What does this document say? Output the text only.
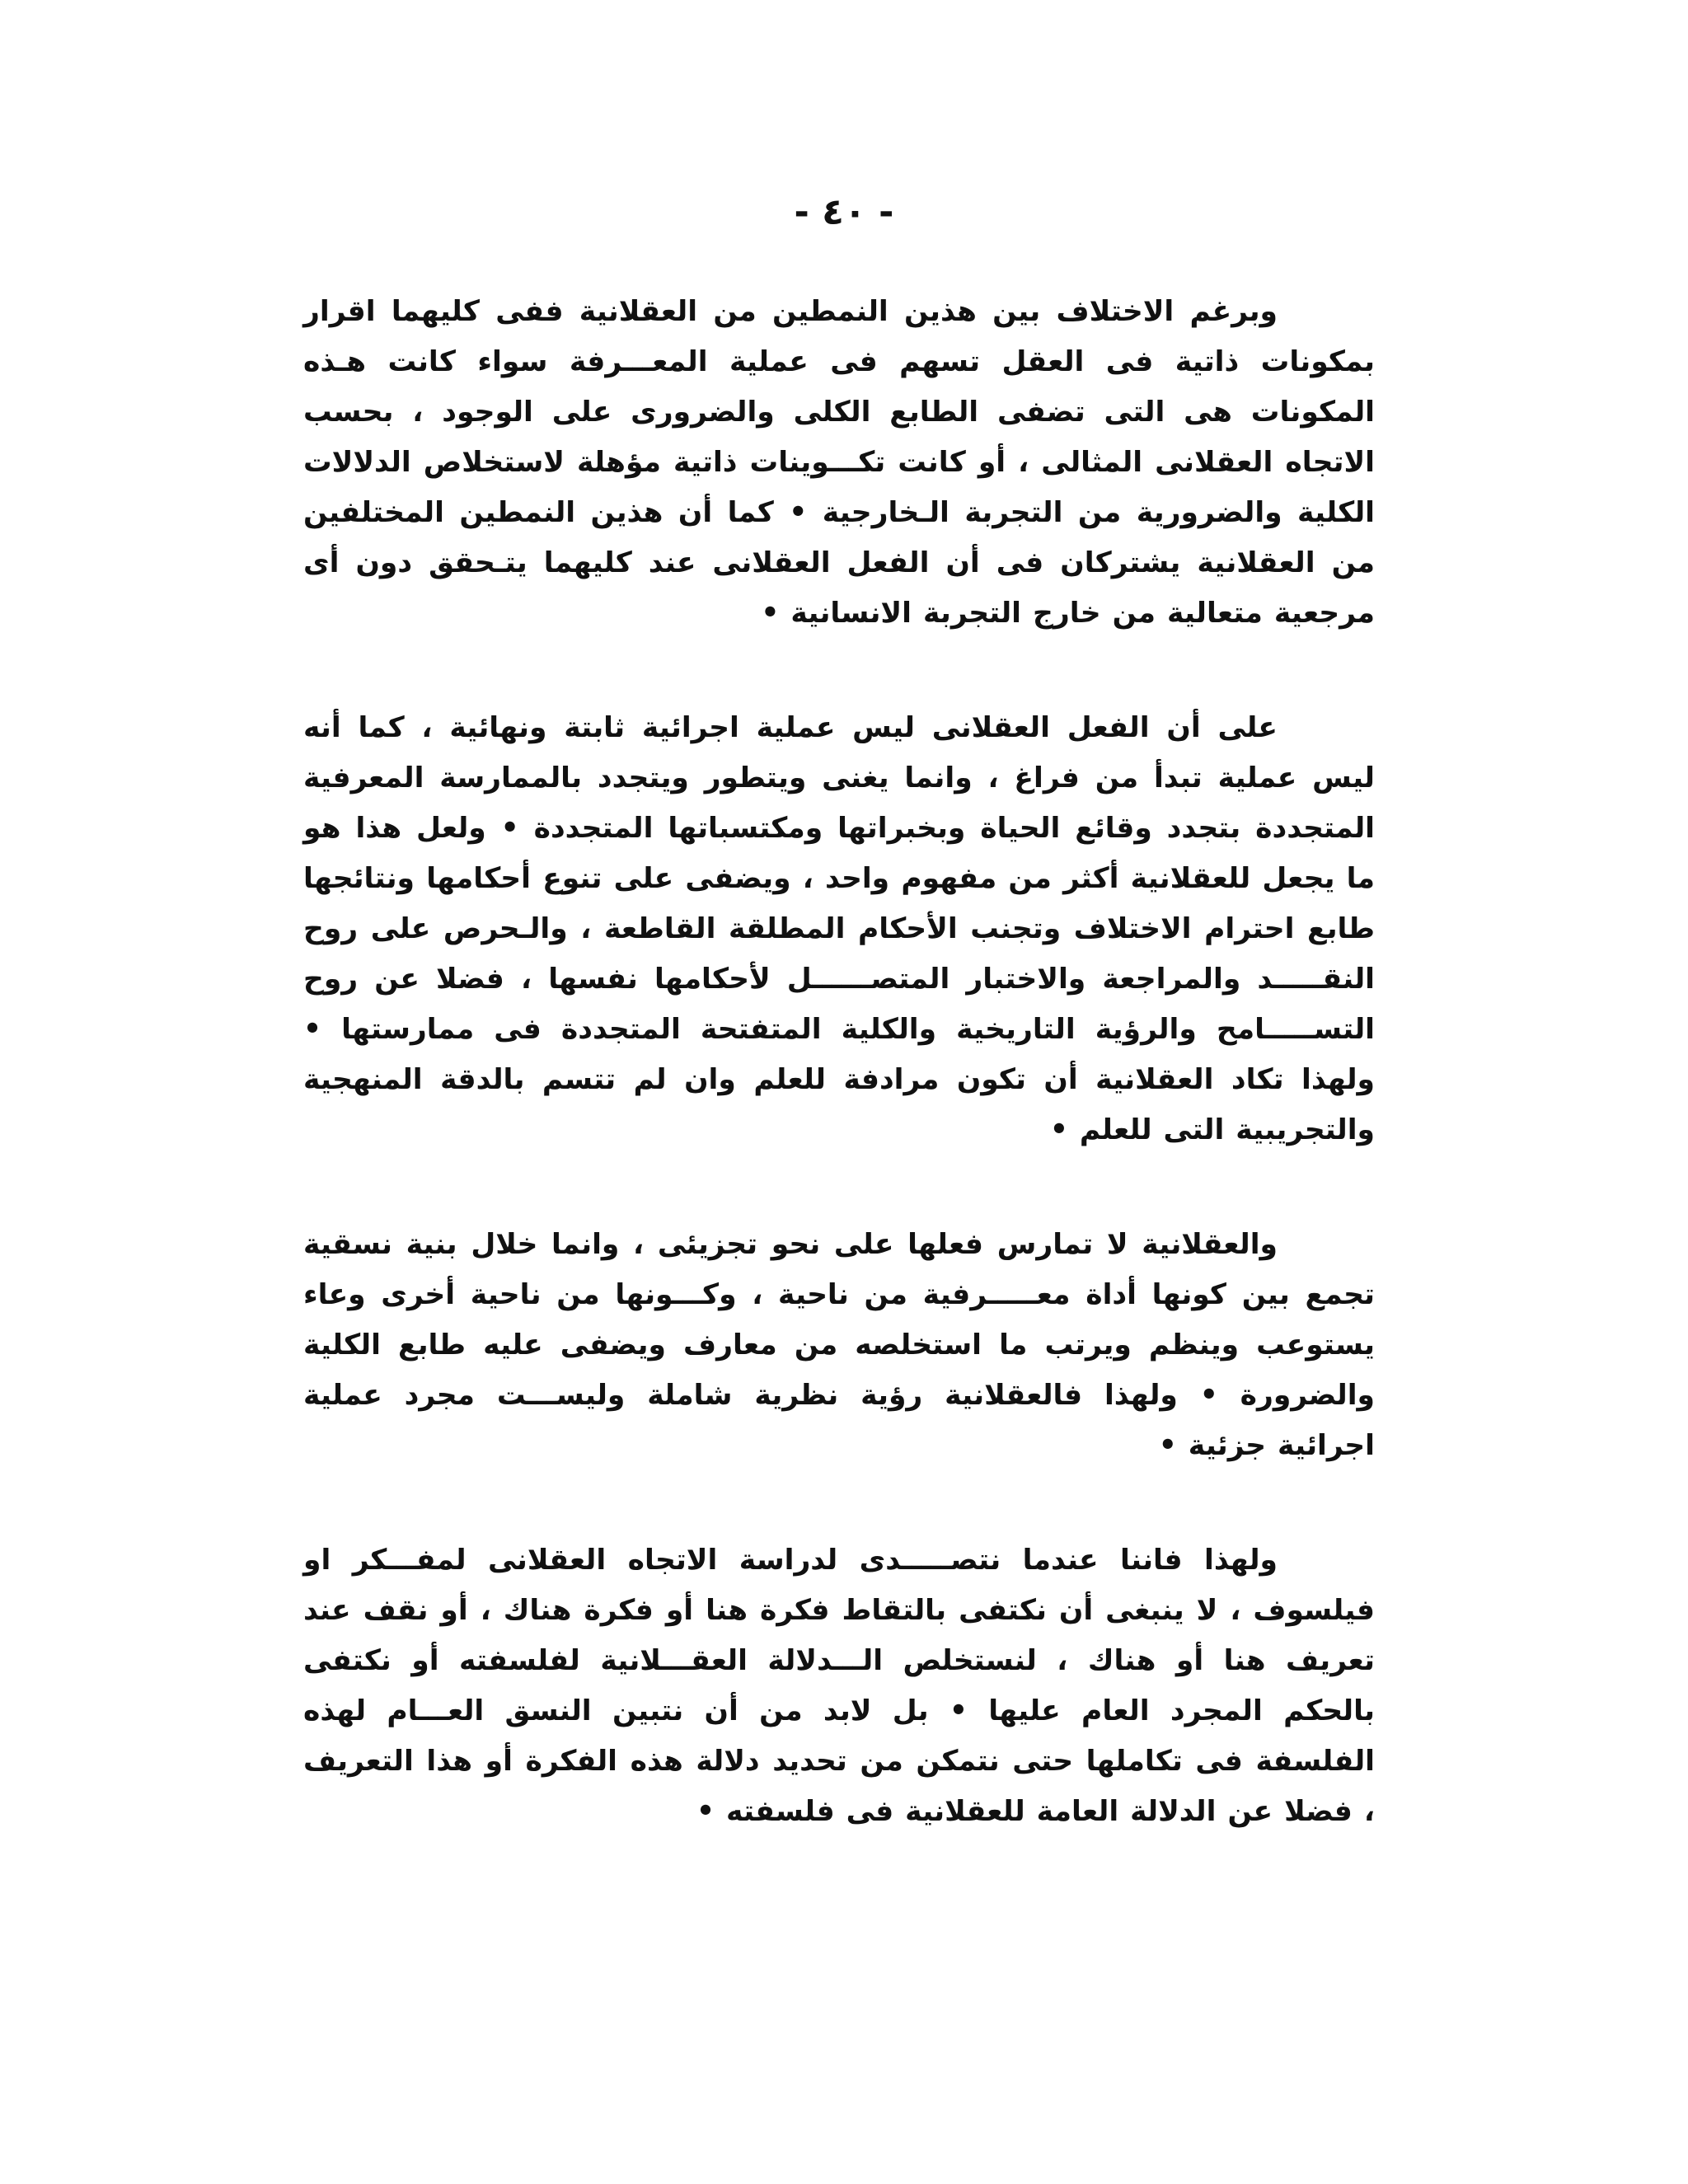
- ٤٠ -

وبرغم الاختلاف بين هذين النمطين من العقلانية ففى كليهما اقرار بمكونات ذاتية فى العقل تسهم فى عملية المعـــرفة سواء كانت هـذه المكونات هى التى تضفى الطابع الكلى والضرورى على الوجود ، بحسب الاتجاه العقلانى المثالى ، أو كانت تكـــوينات ذاتية مؤهلة لاستخلاص الدلالات الكلية والضرورية من التجربة الـخارجية • كما أن هذين النمطين المختلفين من العقلانية يشتركان فى أن الفعل العقلانى عند كليهما يتـحقق دون أى مرجعية متعالية من خارج التجربة الانسانية •

على أن الفعل العقلانى ليس عملية اجرائية ثابتة ونهائية ، كما أنه ليس عملية تبدأ من فراغ ، وانما يغنى ويتطور ويتجدد بالممارسة المعرفية المتجددة بتجدد وقائع الحياة وبخبراتها ومكتسباتها المتجددة • ولعل هذا هو ما يجعل للعقلانية أكثر من مفهوم واحد ، ويضفى على تنوع أحكامها ونتائجها طابع احترام الاختلاف وتجنب الأحكام المطلقة القاطعة ، والـحرص على روح النقـــــد والمراجعة والاختبار المتصــــــل لأحكامها نفسها ، فضلا عن روح التســـــامح والرؤية التاريخية والكلية المتفتحة المتجددة فى ممارستها • ولهذا تكاد العقلانية أن تكون مرادفة للعلم وان لم تتسم بالدقة المنهجية والتجريبية التى للعلم •

والعقلانية لا تمارس فعلها على نحو تجزيئى ، وانما خلال بنية نسقية تجمع بين كونها أداة معـــــرفية من ناحية ، وكـــونها من ناحية أخرى وعاء يستوعب وينظم ويرتب ما استخلصه من معارف ويضفى عليه طابع الكلية والضرورة • ولهذا فالعقلانية رؤية نظرية شاملة وليســـت مجرد عملية اجرائية جزئية •

ولهذا فاننا عندما نتصـــــدى لدراسة الاتجاه العقلانى لمفـــكر او فيلسوف ، لا ينبغى أن نكتفى بالتقاط فكرة هنا أو فكرة هناك ، أو نقف عند تعريف هنا أو هناك ، لنستخلص الـــدلالة العقـــلانية لفلسفته أو نكتفى بالحكم المجرد العام عليها • بل لابد من أن نتبين النسق العـــام لهذه الفلسفة فى تكاملها حتى نتمكن من تحديد دلالة هذه الفكرة أو هذا التعريف ، فضلا عن الدلالة العامة للعقلانية فى فلسفته •
